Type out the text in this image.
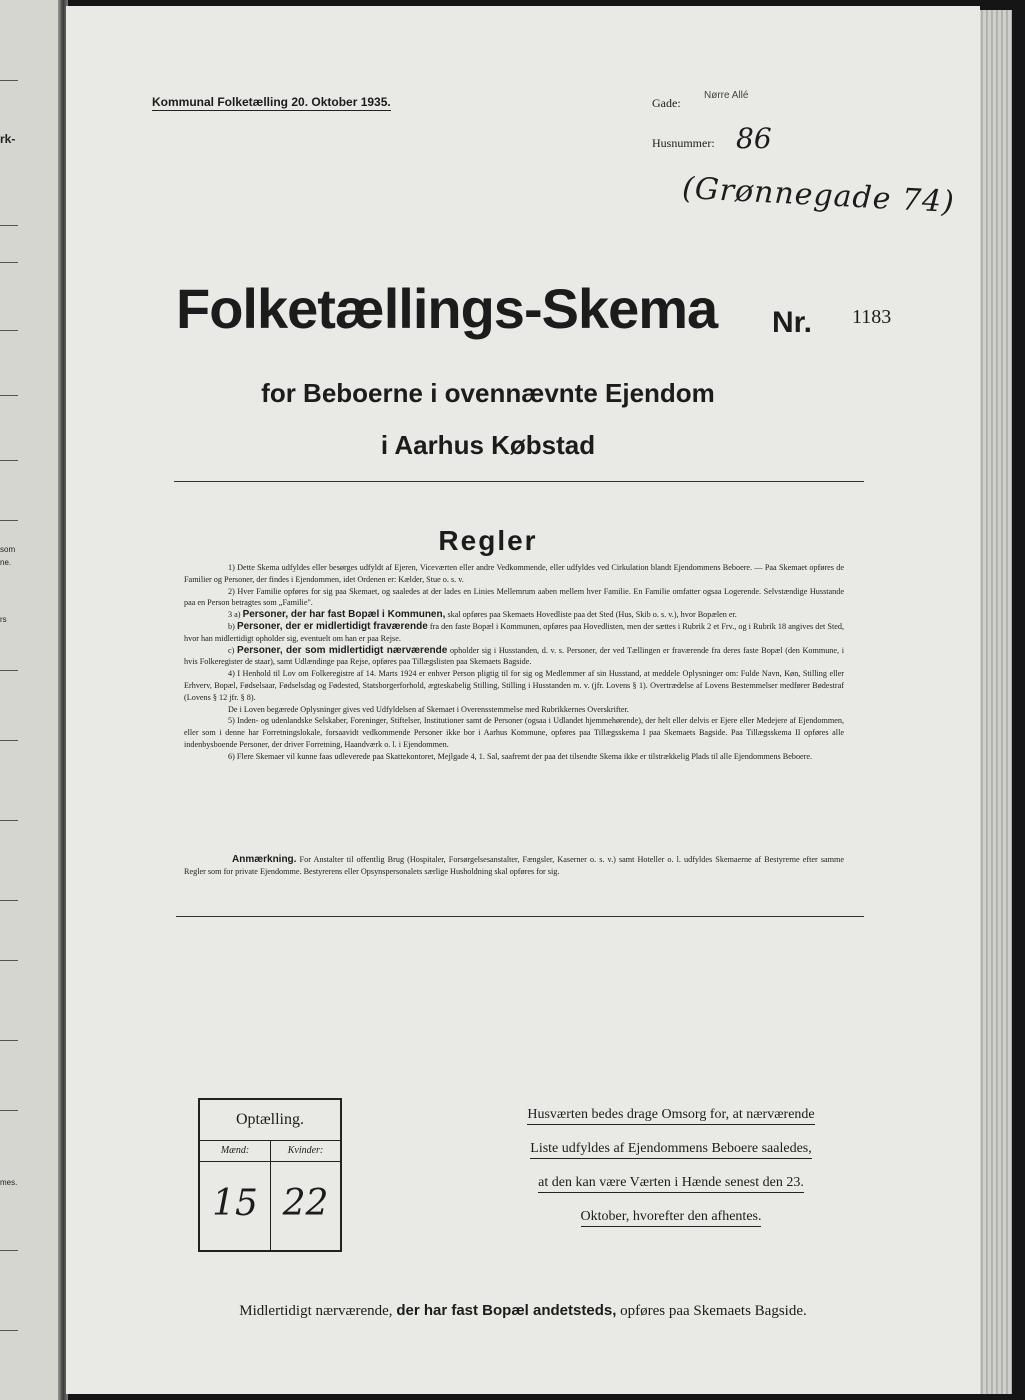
rk-
som
ne.
rs
mes.
Kommunal Folketælling 20. Oktober 1935.	Gade:
Nørre Allé
Husnummer: 86
(Grønnegade 74)
Folketællings-Skema Nr. 1183
for Beboerne i ovennævnte Ejendom
i Aarhus Købstad
Regler

1) Dette Skema udfyldes eller besørges udfyldt af Ejeren, Viceværten eller andre Vedkommende, eller udfyldes ved Cirkulation blandt Ejendommens Beboere. — Paa Skemaet opføres de Familier og Personer, der findes i Ejendommen, idet Ordenen er: Kælder, Stue o. s. v.

2) Hver Familie opføres for sig paa Skemaet, og saaledes at der lades en Linies Mellemrum aaben mellem hver Familie. En Familie omfatter ogsaa Logerende. Selvstændige Husstande paa en Person betragtes som „Familie".

3 a) Personer, der har fast Bopæl i Kommunen, skal opføres paa Skemaets Hovedliste paa det Sted (Hus, Skib o. s. v.), hvor Bopælen er.

b) Personer, der er midlertidigt fraværende fra den faste Bopæl i Kommunen, opføres paa Hovedlisten, men der sættes i Rubrik 2 et Frv., og i Rubrik 18 angives det Sted, hvor han midlertidigt opholder sig, eventuelt om han er paa Rejse.

c) Personer, der som midlertidigt nærværende opholder sig i Husstanden, d. v. s. Personer, der ved Tællingen er fraværende fra deres faste Bopæl (den Kommune, i hvis Folkeregister de staar), samt Udlændinge paa Rejse, opføres paa Tillægslisten paa Skemaets Bagside.

4) I Henhold til Lov om Folkeregistre af 14. Marts 1924 er enhver Person pligtig til for sig og Medlemmer af sin Husstand, at meddele Oplysninger om: Fulde Navn, Køn, Stilling eller Erhverv, Bopæl, Fødselsaar, Fødselsdag og Fødested, Statsborgerforhold, ægteskabelig Stilling, Stilling i Husstanden m. v. (jfr. Lovens § 1). Overtrædelse af Lovens Bestemmelser medfører Bødestraf (Lovens § 12 jfr. § 8).

De i Loven begærede Oplysninger gives ved Udfyldelsen af Skemaet i Overensstemmelse med Rubrikkernes Overskrifter.

5) Inden- og udenlandske Selskaber, Foreninger, Stiftelser, Institutioner samt de Personer (ogsaa i Udlandet hjemmehørende), der helt eller delvis er Ejere eller Medejere af Ejendommen, eller som i denne har Forretningslokale, forsaavidt vedkommende Personer ikke bor i Aarhus Kommune, opføres paa Tillægsskema I paa Skemaets Bagside. Paa Tillægsskema II opføres alle indenbysboende Personer, der driver Forretning, Haandværk o. l. i Ejendommen.

6) Flere Skemaer vil kunne faas udleverede paa Skattekontoret, Mejlgade 4, 1. Sal, saafremt der paa det tilsendte Skema ikke er tilstrækkelig Plads til alle Ejendommens Beboere.

Anmærkning. For Anstalter til offentlig Brug (Hospitaler, Forsørgelsesanstalter, Fængsler, Kaserner o. s. v.) samt Hoteller o. l. udfyldes Skemaerne af Bestyrerne efter samme Regler som for private Ejendomme. Bestyrerens eller Opsynspersonalets særlige Husholdning skal opføres for sig.

Optælling.
Mænd:	Kvinder:
15 22
Husværten bedes drage Omsorg for, at nærværende
Liste udfyldes af Ejendommens Beboere saaledes,
at den kan være Værten i Hænde senest den 23.
Oktober, hvorefter den afhentes.
Midlertidigt nærværende, der har fast Bopæl andetsteds, opføres paa Skemaets Bagside.
